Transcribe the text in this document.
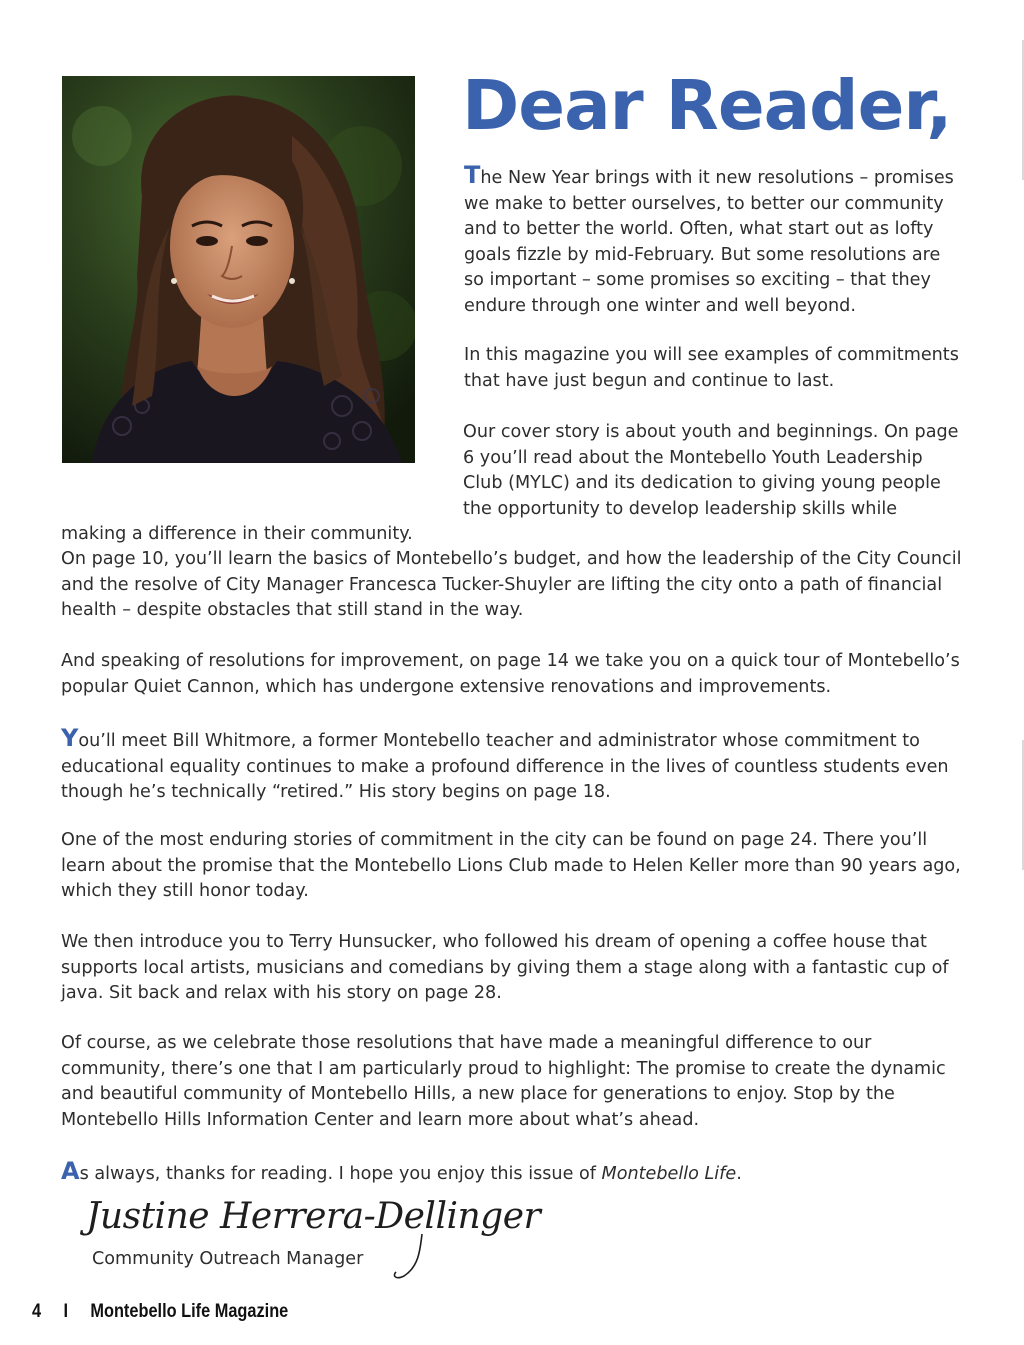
Dear Reader,

The New Year brings with it new resolutions – promises we make to better ourselves, to better our community and to better the world. Often, what start out as lofty goals fizzle by mid-February. But some resolutions are so important – some promises so exciting – that they endure through one winter and well beyond.

In this magazine you will see examples of commitments that have just begun and continue to last.

Our cover story is about youth and beginnings. On page 6 you’ll read about the Montebello Youth Leadership Club (MYLC) and its dedication to giving young people the opportunity to develop leadership skills while making a difference in their community.

On page 10, you’ll learn the basics of Montebello’s budget, and how the leadership of the City Council and the resolve of City Manager Francesca Tucker-Shuyler are lifting the city onto a path of financial health – despite obstacles that still stand in the way.

And speaking of resolutions for improvement, on page 14 we take you on a quick tour of Montebello’s popular Quiet Cannon, which has undergone extensive renovations and improvements.

You’ll meet Bill Whitmore, a former Montebello teacher and administrator whose commitment to educational equality continues to make a profound difference in the lives of countless students even though he’s technically “retired.” His story begins on page 18.

One of the most enduring stories of commitment in the city can be found on page 24. There you’ll learn about the promise that the Montebello Lions Club made to Helen Keller more than 90 years ago, which they still honor today.

We then introduce you to Terry Hunsucker, who followed his dream of opening a coffee house that supports local artists, musicians and comedians by giving them a stage along with a fantastic cup of java. Sit back and relax with his story on page 28.

Of course, as we celebrate those resolutions that have made a meaningful difference to our community, there’s one that I am particularly proud to highlight: The promise to create the dynamic and beautiful community of Montebello Hills, a new place for generations to enjoy. Stop by the Montebello Hills Information Center and learn more about what’s ahead.

As always, thanks for reading. I hope you enjoy this issue of Montebello Life.

Justine Herrera-Dellinger
Community Outreach Manager
4 I Montebello Life Magazine
